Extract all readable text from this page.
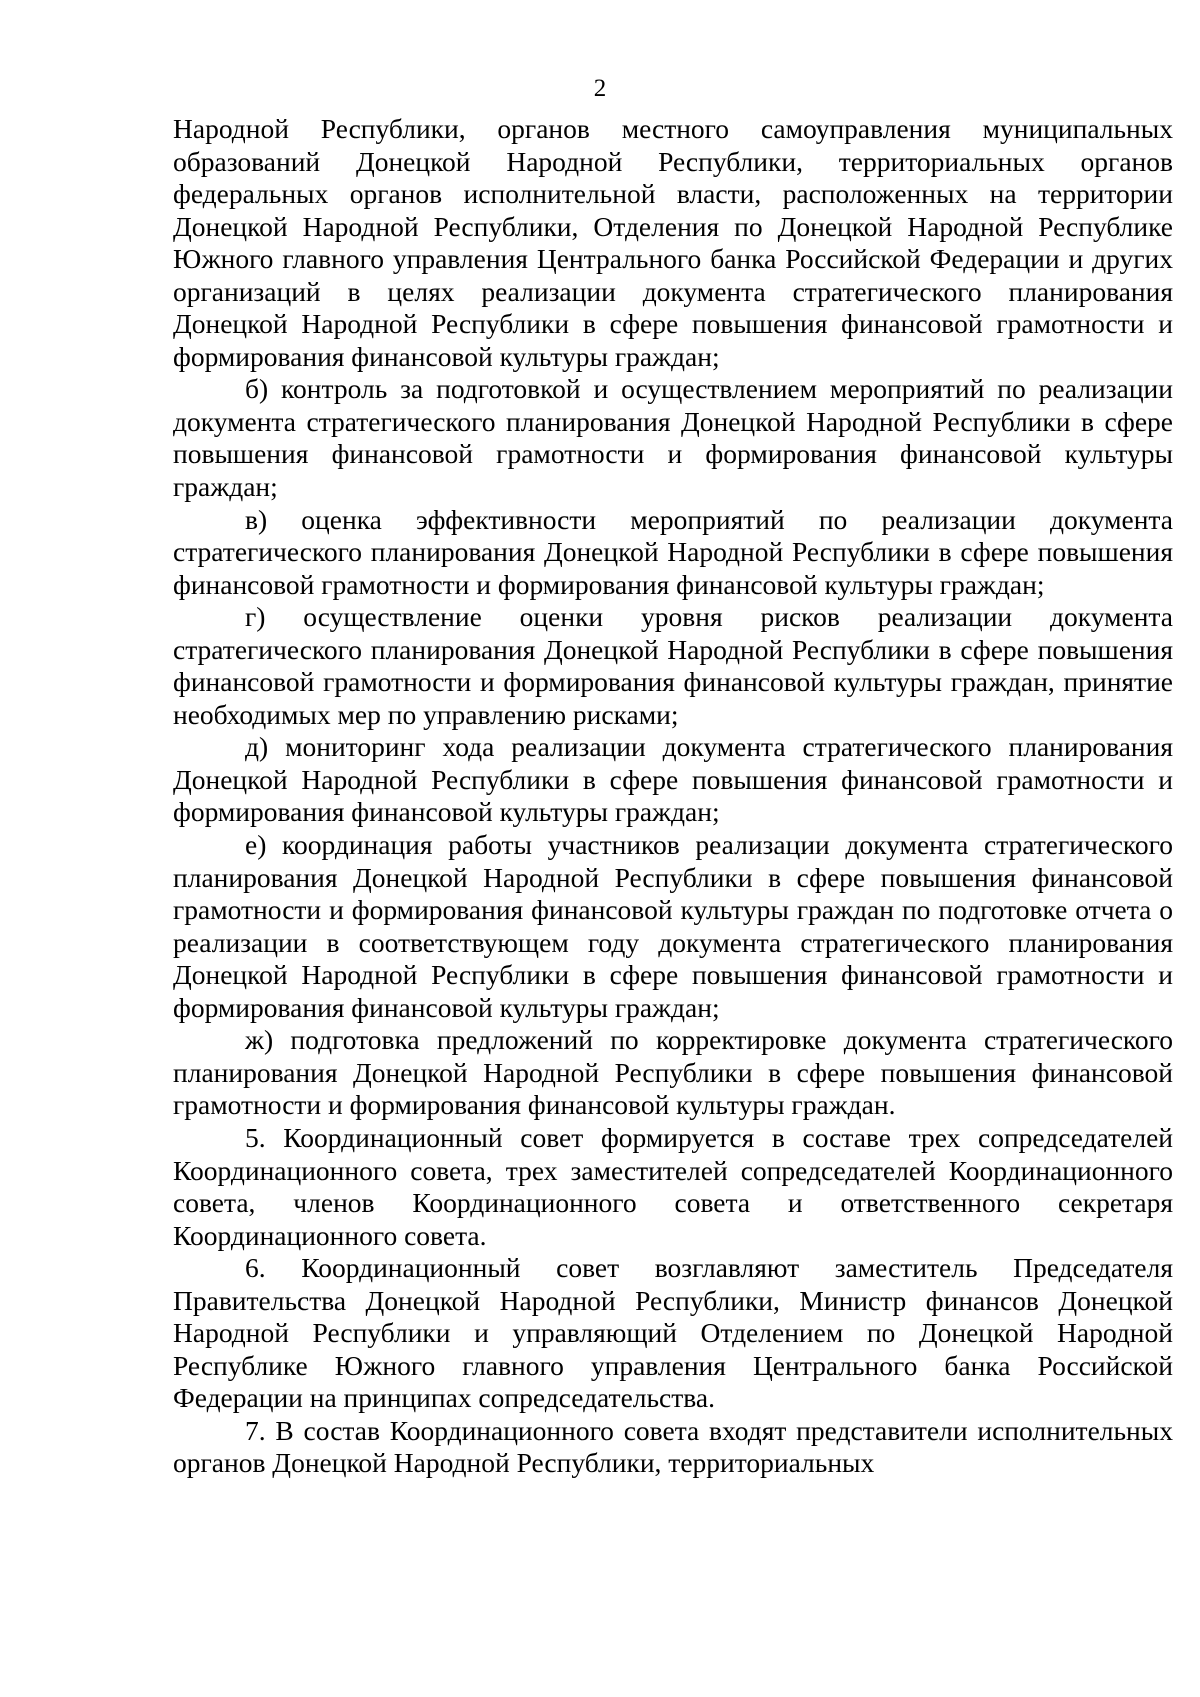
2

Народной Республики, органов местного самоуправления муниципальных образований Донецкой Народной Республики, территориальных органов федеральных органов исполнительной власти, расположенных на территории Донецкой Народной Республики, Отделения по Донецкой Народной Республике Южного главного управления Центрального банка Российской Федерации и других организаций в целях реализации документа стратегического планирования Донецкой Народной Республики в сфере повышения финансовой грамотности и формирования финансовой культуры граждан;

б) контроль за подготовкой и осуществлением мероприятий по реализации документа стратегического планирования Донецкой Народной Республики в сфере повышения финансовой грамотности и формирования финансовой культуры граждан;

в) оценка эффективности мероприятий по реализации документа стратегического планирования Донецкой Народной Республики в сфере повышения финансовой грамотности и формирования финансовой культуры граждан;

г) осуществление оценки уровня рисков реализации документа стратегического планирования Донецкой Народной Республики в сфере повышения финансовой грамотности и формирования финансовой культуры граждан, принятие необходимых мер по управлению рисками;

д) мониторинг хода реализации документа стратегического планирования Донецкой Народной Республики в сфере повышения финансовой грамотности и формирования финансовой культуры граждан;

е) координация работы участников реализации документа стратегического планирования Донецкой Народной Республики в сфере повышения финансовой грамотности и формирования финансовой культуры граждан по подготовке отчета о реализации в соответствующем году документа стратегического планирования Донецкой Народной Республики в сфере повышения финансовой грамотности и формирования финансовой культуры граждан;

ж) подготовка предложений по корректировке документа стратегического планирования Донецкой Народной Республики в сфере повышения финансовой грамотности и формирования финансовой культуры граждан.

5. Координационный совет формируется в составе трех сопредседателей Координационного совета, трех заместителей сопредседателей Координационного совета, членов Координационного совета и ответственного секретаря Координационного совета.

6. Координационный совет возглавляют заместитель Председателя Правительства Донецкой Народной Республики, Министр финансов Донецкой Народной Республики и управляющий Отделением по Донецкой Народной Республике Южного главного управления Центрального банка Российской Федерации на принципах сопредседательства.

7. В состав Координационного совета входят представители исполнительных органов Донецкой Народной Республики, территориальных
